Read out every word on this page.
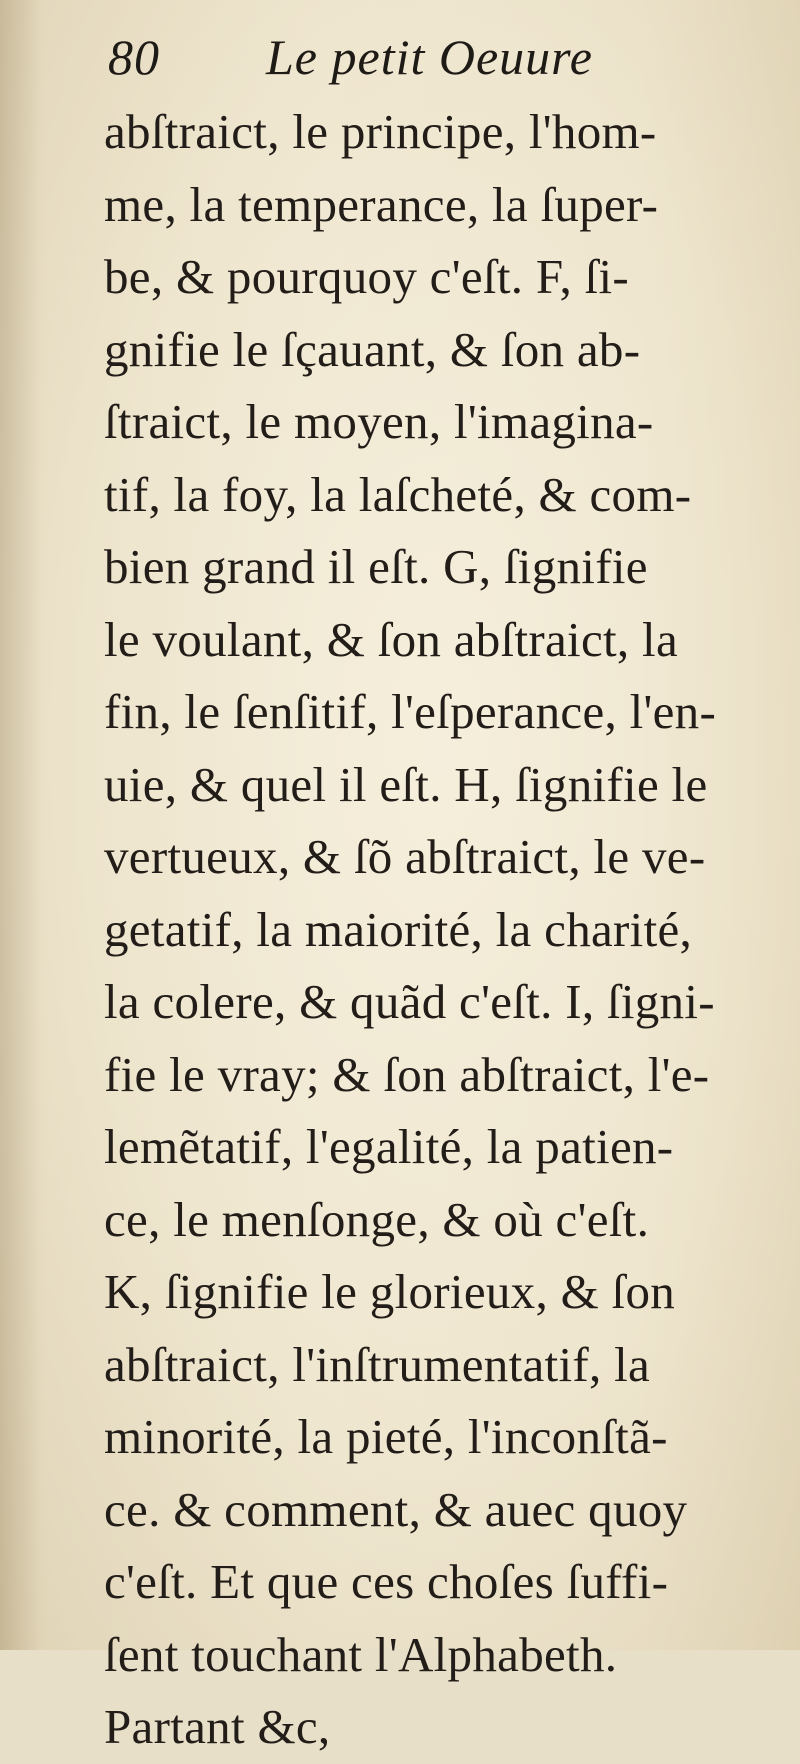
80 Le petit Oeuure
abſtraict, le principe, l'hom-
me, la temperance, la ſuper-
be, & pourquoy c'eſt. F, ſi-
gnifie le ſçauant, & ſon ab-
ſtraict, le moyen, l'imagina-
tif, la foy, la laſcheté, & com-
bien grand il eſt. G, ſignifie
le voulant, & ſon abſtraict, la
fin, le ſenſitif, l'eſperance, l'en-
uie, & quel il eſt. H, ſignifie le
vertueux, & ſõ abſtraict, le ve-
getatif, la maiorité, la charité,
la colere, & quãd c'eſt. I, ſigni-
fie le vray; & ſon abſtraict, l'e-
lemẽtatif, l'egalité, la patien-
ce, le menſonge, & où c'eſt.
K, ſignifie le glorieux, & ſon
abſtraict, l'inſtrumentatif, la
minorité, la pieté, l'inconſtã-
ce. & comment, & auec quoy
c'eſt. Et que ces choſes ſuffi-
ſent touchant l'Alphabeth.
Partant &c,
